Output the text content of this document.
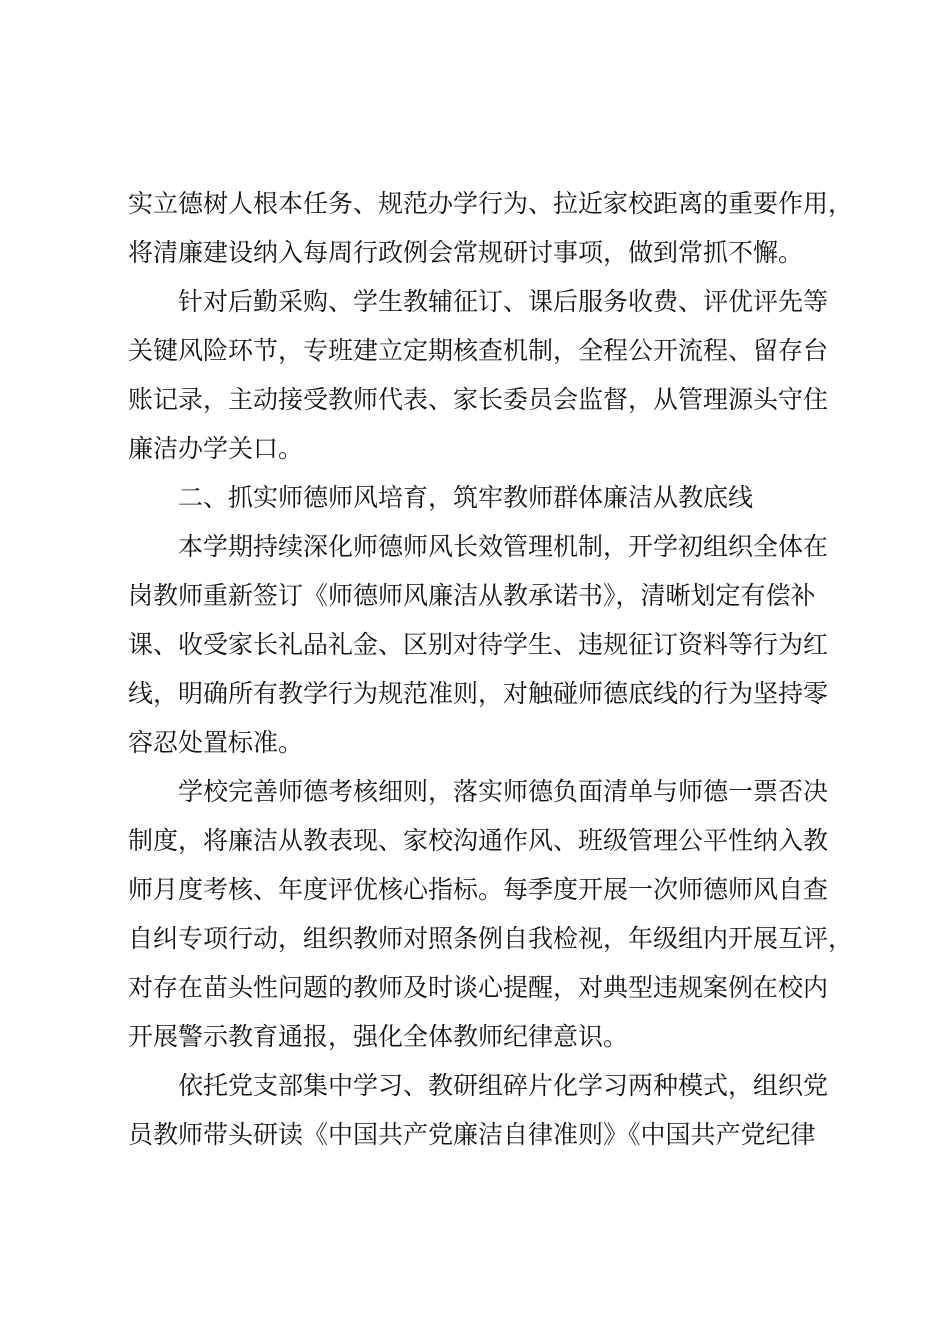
实立德树人根本任务、规范办学行为、拉近家校距离的重要作用，
将清廉建设纳入每周行政例会常规研讨事项，做到常抓不懈。
针对后勤采购、学生教辅征订、课后服务收费、评优评先等
关键风险环节，专班建立定期核查机制，全程公开流程、留存台
账记录，主动接受教师代表、家长委员会监督，从管理源头守住
廉洁办学关口。
二、抓实师德师风培育，筑牢教师群体廉洁从教底线
本学期持续深化师德师风长效管理机制，开学初组织全体在
岗教师重新签订《师德师风廉洁从教承诺书》，清晰划定有偿补
课、收受家长礼品礼金、区别对待学生、违规征订资料等行为红
线，明确所有教学行为规范准则，对触碰师德底线的行为坚持零
容忍处置标准。
学校完善师德考核细则，落实师德负面清单与师德一票否决
制度，将廉洁从教表现、家校沟通作风、班级管理公平性纳入教
师月度考核、年度评优核心指标。每季度开展一次师德师风自查
自纠专项行动，组织教师对照条例自我检视，年级组内开展互评，
对存在苗头性问题的教师及时谈心提醒，对典型违规案例在校内
开展警示教育通报，强化全体教师纪律意识。
依托党支部集中学习、教研组碎片化学习两种模式，组织党
员教师带头研读《中国共产党廉洁自律准则》《中国共产党纪律
